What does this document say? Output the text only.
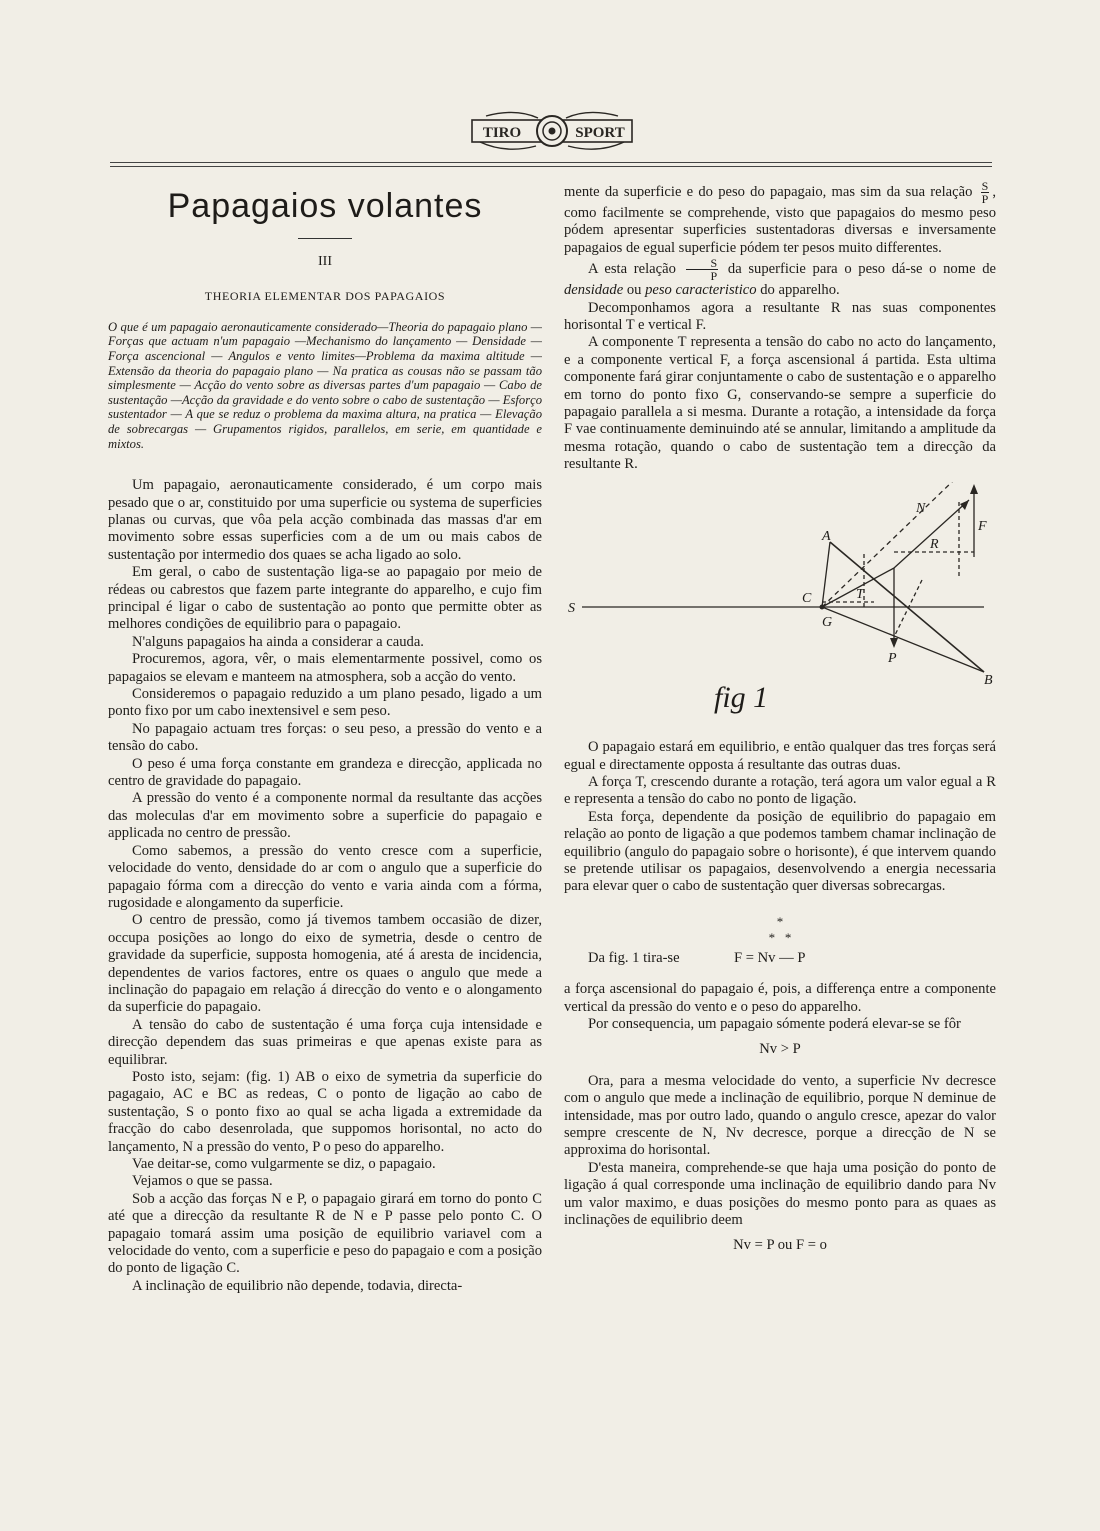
TIRO	SPORT
Papagaios volantes
III
THEORIA ELEMENTAR DOS PAPAGAIOS
O que é um papagaio aeronauticamente considerado—Theoria do papagaio plano — Forças que actuam n'um papagaio —Mechanismo do lançamento — Densidade — Força ascencional — Angulos e vento limites—Problema da maxima altitude — Extensão da theoria do papagaio plano — Na pratica as cousas não se passam tão simplesmente — Acção do vento sobre as diversas partes d'um papagaio — Cabo de sustentação —Acção da gravidade e do vento sobre o cabo de sustentação — Esforço sustentador — A que se reduz o problema da maxima altura, na pratica — Elevação de sobrecargas — Grupamentos rigidos, parallelos, em serie, em quantidade e mixtos.

Um papagaio, aeronauticamente considerado, é um corpo mais pesado que o ar, constituido por uma superficie ou systema de superficies planas ou curvas, que vôa pela acção combinada das massas d'ar em movimento sobre essas superficies com a de um ou mais cabos de sustentação por intermedio dos quaes se acha ligado ao solo.

Em geral, o cabo de sustentação liga-se ao papagaio por meio de rédeas ou cabrestos que fazem parte integrante do apparelho, e cujo fim principal é ligar o cabo de sustentação ao ponto que permitte obter as melhores condições de equilibrio para o papagaio.

N'alguns papagaios ha ainda a considerar a cauda.

Procuremos, agora, vêr, o mais elementarmente possivel, como os papagaios se elevam e manteem na atmosphera, sob a acção do vento.

Consideremos o papagaio reduzido a um plano pesado, ligado a um ponto fixo por um cabo inextensivel e sem peso.

No papagaio actuam tres forças: o seu peso, a pressão do vento e a tensão do cabo.

O peso é uma força constante em grandeza e direcção, applicada no centro de gravidade do papagaio.

A pressão do vento é a componente normal da resultante das acções das moleculas d'ar em movimento sobre a superficie do papagaio e applicada no centro de pressão.

Como sabemos, a pressão do vento cresce com a superficie, velocidade do vento, densidade do ar com o angulo que a superficie do papagaio fórma com a direcção do vento e varia ainda com a fórma, rugosidade e alongamento da superficie.

O centro de pressão, como já tivemos tambem occasião de dizer, occupa posições ao longo do eixo de symetria, desde o centro de gravidade da superficie, supposta homogenia, até á aresta de incidencia, dependentes de varios factores, entre os quaes o angulo que mede a inclinação do papagaio em relação á direcção do vento e o alongamento da superficie do papagaio.

A tensão do cabo de sustentação é uma força cuja intensidade e direcção dependem das suas primeiras e que apenas existe para as equilibrar.

Posto isto, sejam: (fig. 1) AB o eixo de symetria da superficie do pagagaio, AC e BC as redeas, C o ponto de ligação ao cabo de sustentação, S o ponto fixo ao qual se acha ligada a extremidade da fracção do cabo desenrolada, que suppomos horisontal, no acto do lançamento, N a pressão do vento, P o peso do apparelho.

Vae deitar-se, como vulgarmente se diz, o papagaio.

Vejamos o que se passa.

Sob a acção das forças N e P, o papagaio girará em torno do ponto C até que a direcção da resultante R de N e P passe pelo ponto C. O papagaio tomará assim uma posição de equilibrio variavel com a velocidade do vento, com a superficie e peso do papagaio e com a posição do ponto de ligação C.

A inclinação de equilibrio não depende, todavia, directa-

mente da superficie e do peso do papagaio, mas sim da sua relação $\frac{S}{P}$ , como facilmente se comprehende, visto que papagaios do mesmo peso pódem apresentar superficies sustentadoras diversas e inversamente papagaios de egual superficie pódem ter pesos muito differentes.

A esta relação $\frac{S}{P}$ da superficie para o peso dá-se o nome de densidade ou peso caracteristico do apparelho.

Decomponhamos agora a resultante R nas suas componentes horisontal T e vertical F.

A componente T representa a tensão do cabo no acto do lançamento, e a componente vertical F, a força ascensional á partida. Esta ultima componente fará girar conjuntamente o cabo de sustentação e o apparelho em torno do ponto fixo G, conservando-se sempre a superficie do papagaio parallela a si mesma. Durante a rotação, a intensidade da força F vae continuamente deminuindo até se annular, limitando a amplitude da mesma rotação, quando o cabo de sustentação tem a direcção da resultante R.

S
C
A
B
P
T
F
R
N
G
fig 1

O papagaio estará em equilibrio, e então qualquer das tres forças será egual e directamente opposta á resultante das outras duas.

A força T, crescendo durante a rotação, terá agora um valor egual a R e representa a tensão do cabo no ponto de ligação.

Esta força, dependente da posição de equilibrio do papagaio em relação ao ponto de ligação a que podemos tambem chamar inclinação de equilibrio (angulo do papagaio sobre o horisonte), é que intervem quando se pretende utilisar os papagaios, desenvolvendo a energia necessaria para elevar quer o cabo de sustentação quer diversas sobrecargas.

*
*   *
Da fig. 1 tira-se	F = Nv — P

a força ascensional do papagaio é, pois, a differença entre a componente vertical da pressão do vento e o peso do apparelho.

Por consequencia, um papagaio sómente poderá elevar-se se fôr

Nv > P

Ora, para a mesma velocidade do vento, a superficie Nv decresce com o angulo que mede a inclinação de equilibrio, porque N deminue de intensidade, mas por outro lado, quando o angulo cresce, apezar do valor sempre crescente de N, Nv decresce, porque a direcção de N se approxima do horisontal.

D'esta maneira, comprehende-se que haja uma posição do ponto de ligação á qual corresponde uma inclinação de equilibrio dando para Nv um valor maximo, e duas posições do mesmo ponto para as quaes as inclinações de equilibrio deem

Nv = P ou F = o
